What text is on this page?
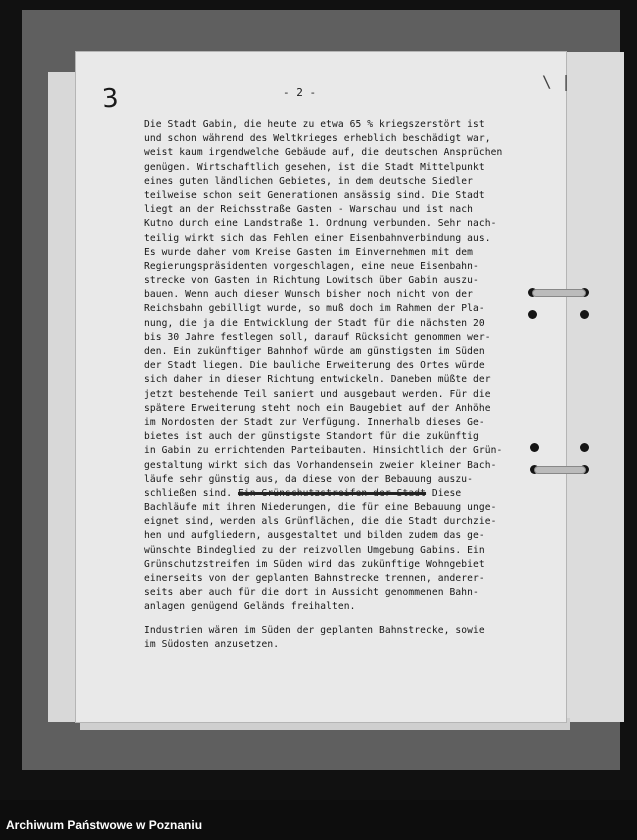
3	- 2 -
\ |
Die Stadt Gabin, die heute zu etwa 65 % kriegszerstört ist
und schon während des Weltkrieges erheblich beschädigt war,
weist kaum irgendwelche Gebäude auf, die deutschen Ansprüchen
genügen. Wirtschaftlich gesehen, ist die Stadt Mittelpunkt
eines guten ländlichen Gebietes, in dem deutsche Siedler
teilweise schon seit Generationen ansässig sind. Die Stadt
liegt an der Reichsstraße Gasten - Warschau und ist nach
Kutno durch eine Landstraße 1. Ordnung verbunden. Sehr nach-
teilig wirkt sich das Fehlen einer Eisenbahnverbindung aus.
Es wurde daher vom Kreise Gasten im Einvernehmen mit dem
Regierungspräsidenten vorgeschlagen, eine neue Eisenbahn-
strecke von Gasten in Richtung Lowitsch über Gabin auszu-
bauen. Wenn auch dieser Wunsch bisher noch nicht von der
Reichsbahn gebilligt wurde, so muß doch im Rahmen der Pla-
nung, die ja die Entwicklung der Stadt für die nächsten 20
bis 30 Jahre festlegen soll, darauf Rücksicht genommen wer-
den. Ein zukünftiger Bahnhof würde am günstigsten im Süden
der Stadt liegen. Die bauliche Erweiterung des Ortes würde
sich daher in dieser Richtung entwickeln. Daneben müßte der
jetzt bestehende Teil saniert und ausgebaut werden. Für die
spätere Erweiterung steht noch ein Baugebiet auf der Anhöhe
im Nordosten der Stadt zur Verfügung. Innerhalb dieses Ge-
bietes ist auch der günstigste Standort für die zukünftig
in Gabin zu errichtenden Parteibauten. Hinsichtlich der Grün-
gestaltung wirkt sich das Vorhandensein zweier kleiner Bach-
läufe sehr günstig aus, da diese von der Bebauung auszu-
schließen sind. Ein Grünschutzstreifen der Stadt Diese
Bachläufe mit ihren Niederungen, die für eine Bebauung unge-
eignet sind, werden als Grünflächen, die die Stadt durchzie-
hen und aufgliedern, ausgestaltet und bilden zudem das ge-
wünschte Bindeglied zu der reizvollen Umgebung Gabins. Ein
Grünschutzstreifen im Süden wird das zukünftige Wohngebiet
einerseits von der geplanten Bahnstrecke trennen, anderer-
seits aber auch für die dort in Aussicht genommenen Bahn-
anlagen genügend Geländs freihalten.
Industrien wären im Süden der geplanten Bahnstrecke, sowie
im Südosten anzusetzen.
Archiwum Państwowe w Poznaniu
